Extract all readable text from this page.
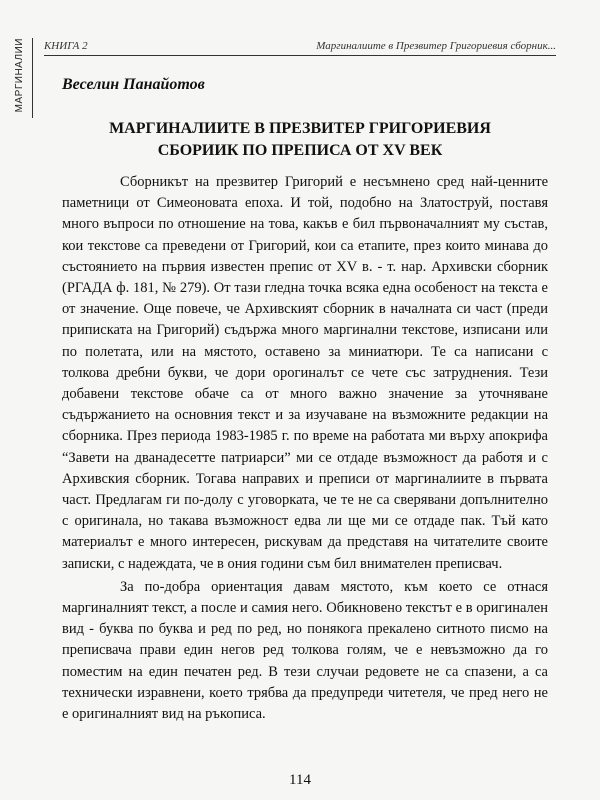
МАРГИНАЛИИ КНИГА 2	Маргиналиите в Презвитер Григориевия сборник...
Веселин Панайотов
МАРГИНАЛИИТЕ В ПРЕЗВИТЕР ГРИГОРИЕВИЯ
СБОРИИК ПО ПРЕПИСА ОТ XV ВЕК

Сборникът на презвитер Григорий е несъмнено сред най-ценните паметници от Симеоновата епоха. И той, подобно на Златоструй, поставя много въпроси по отношение на това, какъв е бил първоначалният му състав, кои текстове са преведени от Григорий, кои са етапите, през които минава до състоянието на първия известен препис от XV в. - т. нар. Архивски сборник (РГАДА ф. 181, № 279). От тази гледна точка всяка една особеност на текста е от значение. Още повече, че Архивският сборник в началната си част (преди приписката на Григорий) съдържа много маргинални текстове, изписани или по полетата, или на мястото, оставено за миниатюри. Те са написани с толкова дребни букви, че дори орогиналът се чете със затруднения. Тези добавени текстове обаче са от много важно значение за уточняване съдържанието на основния текст и за изучаване на възможните редакции на сборника. През периода 1983-1985 г. по време на работата ми върху апокрифа “Завети на дванадесетте патриарси” ми се отдаде възможност да работя и с Архивския сборник. Тогава направих и преписи от маргиналиите в първата част. Предлагам ги по-долу с уговорката, че те не са сверявани допълнително с оригинала, но такава възможност едва ли ще ми се отдаде пак. Тъй като материалът е много интересен, рискувам да представя на читателите своите записки, с надеждата, че в ония години съм бил внимателен преписвач.

За по-добра ориентация давам мястото, към което се отнася маргиналният текст, а после и самия него. Обикновено текстът е в оригинален вид - буква по буква и ред по ред, но понякога прекалено ситното писмо на преписвача прави един негов ред толкова голям, че е невъзможно да го поместим на един печатен ред. В тези случаи редовете не са спазени, а са технически изравнени, което трябва да предупреди читетеля, че пред него не е оригиналният вид на ръкописа.

114
